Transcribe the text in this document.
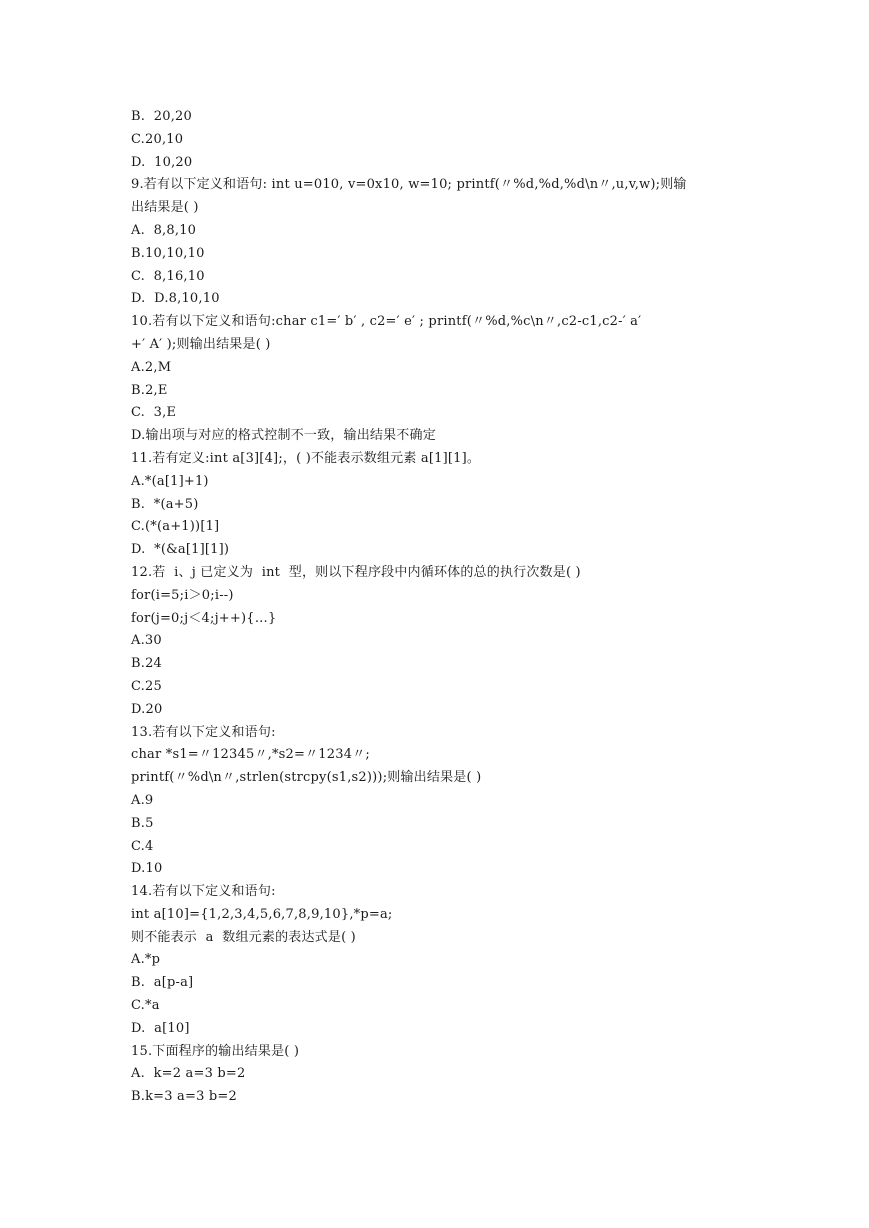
B.  20,20
C.20,10
D.  10,20
9.若有以下定义和语句: int u=010, v=0x10, w=10; printf(〃%d,%d,%d\n〃,u,v,w);则输
出结果是( )
A.  8,8,10
B.10,10,10
C.  8,16,10
D.  D.8,10,10
10.若有以下定义和语句:char c1=′ b′ , c2=′ e′ ; printf(〃%d,%c\n〃,c2-c1,c2-′ a′
+′ A′ );则输出结果是( )
A.2,M
B.2,E
C.  3,E
D.输出项与对应的格式控制不一致，输出结果不确定
11.若有定义:int a[3][4];，( )不能表示数组元素 a[1][1]。
A.*(a[1]+1)
B.  *(a+5)
C.(*(a+1))[1]
D.  *(&a[1][1])
12.若  i、j 已定义为  int  型，则以下程序段中内循环体的总的执行次数是( )
for(i=5;i＞0;i--)
for(j=0;j＜4;j++){…}
A.30
B.24
C.25
D.20
13.若有以下定义和语句:
char *s1=〃12345〃,*s2=〃1234〃;
printf(〃%d\n〃,strlen(strcpy(s1,s2)));则输出结果是( )
A.9
B.5
C.4
D.10
14.若有以下定义和语句:
int a[10]={1,2,3,4,5,6,7,8,9,10},*p=a;
则不能表示  a  数组元素的表达式是( )
A.*p
B.  a[p-a]
C.*a
D.  a[10]
15.下面程序的输出结果是( )
A.  k=2 a=3 b=2
B.k=3 a=3 b=2
